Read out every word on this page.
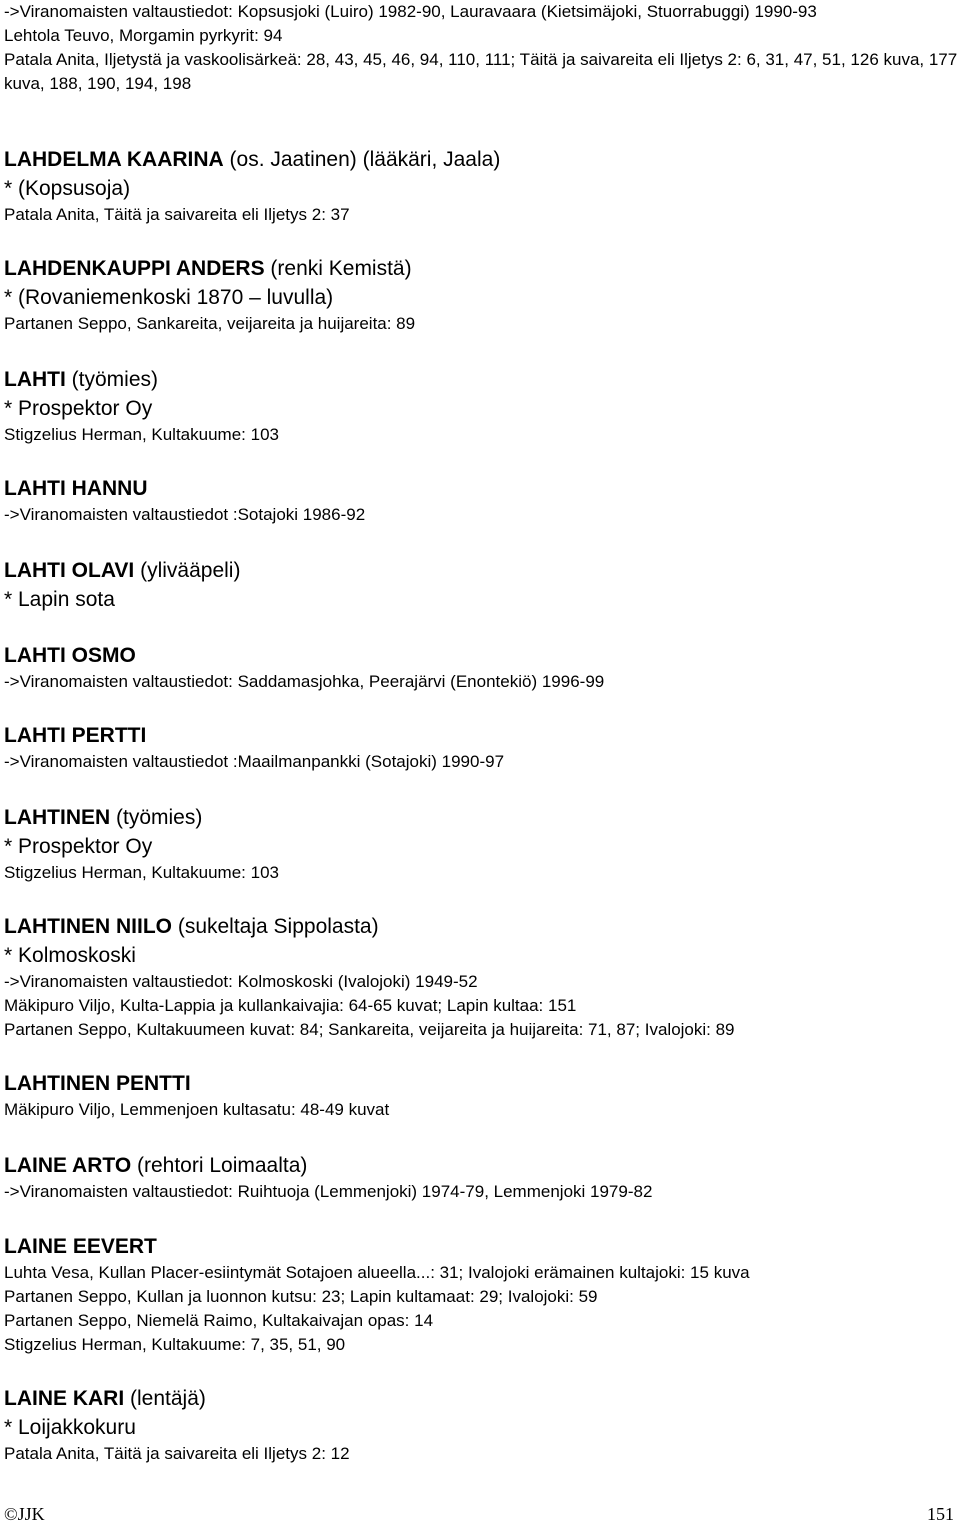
->Viranomaisten valtaustiedot: Kopsusjoki (Luiro) 1982-90, Lauravaara (Kietsimäjoki, Stuorrabuggi) 1990-93
Lehtola Teuvo, Morgamin pyrkyrit: 94
Patala Anita, Iljetystä ja vaskoolisärkeä: 28, 43, 45, 46, 94, 110, 111; Täitä ja saivareita eli Iljetys 2: 6, 31, 47, 51, 126 kuva, 177 kuva, 188, 190, 194, 198
LAHDELMA KAARINA (os. Jaatinen) (lääkäri, Jaala)
* (Kopsusoja)
Patala Anita, Täitä ja saivareita eli Iljetys 2: 37
LAHDENKAUPPI ANDERS (renki Kemistä)
* (Rovaniemenkoski 1870 – luvulla)
Partanen Seppo, Sankareita, veijareita ja huijareita: 89
LAHTI (työmies)
* Prospektor Oy
Stigzelius Herman, Kultakuume: 103
LAHTI HANNU
->Viranomaisten valtaustiedot :Sotajoki 1986-92
LAHTI OLAVI (ylivääpeli)
* Lapin sota
LAHTI OSMO
->Viranomaisten valtaustiedot: Saddamasjohka, Peerajärvi (Enontekiö) 1996-99
LAHTI PERTTI
->Viranomaisten valtaustiedot :Maailmanpankki (Sotajoki) 1990-97
LAHTINEN (työmies)
* Prospektor Oy
Stigzelius Herman, Kultakuume: 103
LAHTINEN NIILO (sukeltaja Sippolasta)
* Kolmoskoski
->Viranomaisten valtaustiedot: Kolmoskoski (Ivalojoki) 1949-52
Mäkipuro Viljo, Kulta-Lappia ja kullankaivajia: 64-65 kuvat; Lapin kultaa: 151
Partanen Seppo, Kultakuumeen kuvat: 84; Sankareita, veijareita ja huijareita: 71, 87; Ivalojoki: 89
LAHTINEN PENTTI
Mäkipuro Viljo, Lemmenjoen kultasatu: 48-49 kuvat
LAINE ARTO (rehtori Loimaalta)
->Viranomaisten valtaustiedot: Ruihtuoja (Lemmenjoki) 1974-79, Lemmenjoki 1979-82
LAINE EEVERT
Luhta Vesa, Kullan Placer-esiintymät Sotajoen alueella...: 31; Ivalojoki erämainen kultajoki: 15 kuva
Partanen Seppo, Kullan ja luonnon kutsu: 23; Lapin kultamaat: 29; Ivalojoki: 59
Partanen Seppo, Niemelä Raimo, Kultakaivajan opas: 14
Stigzelius Herman, Kultakuume: 7, 35, 51, 90
LAINE KARI (lentäjä)
* Loijakkokuru
Patala Anita, Täitä ja saivareita eli Iljetys 2: 12
©JJK	151
